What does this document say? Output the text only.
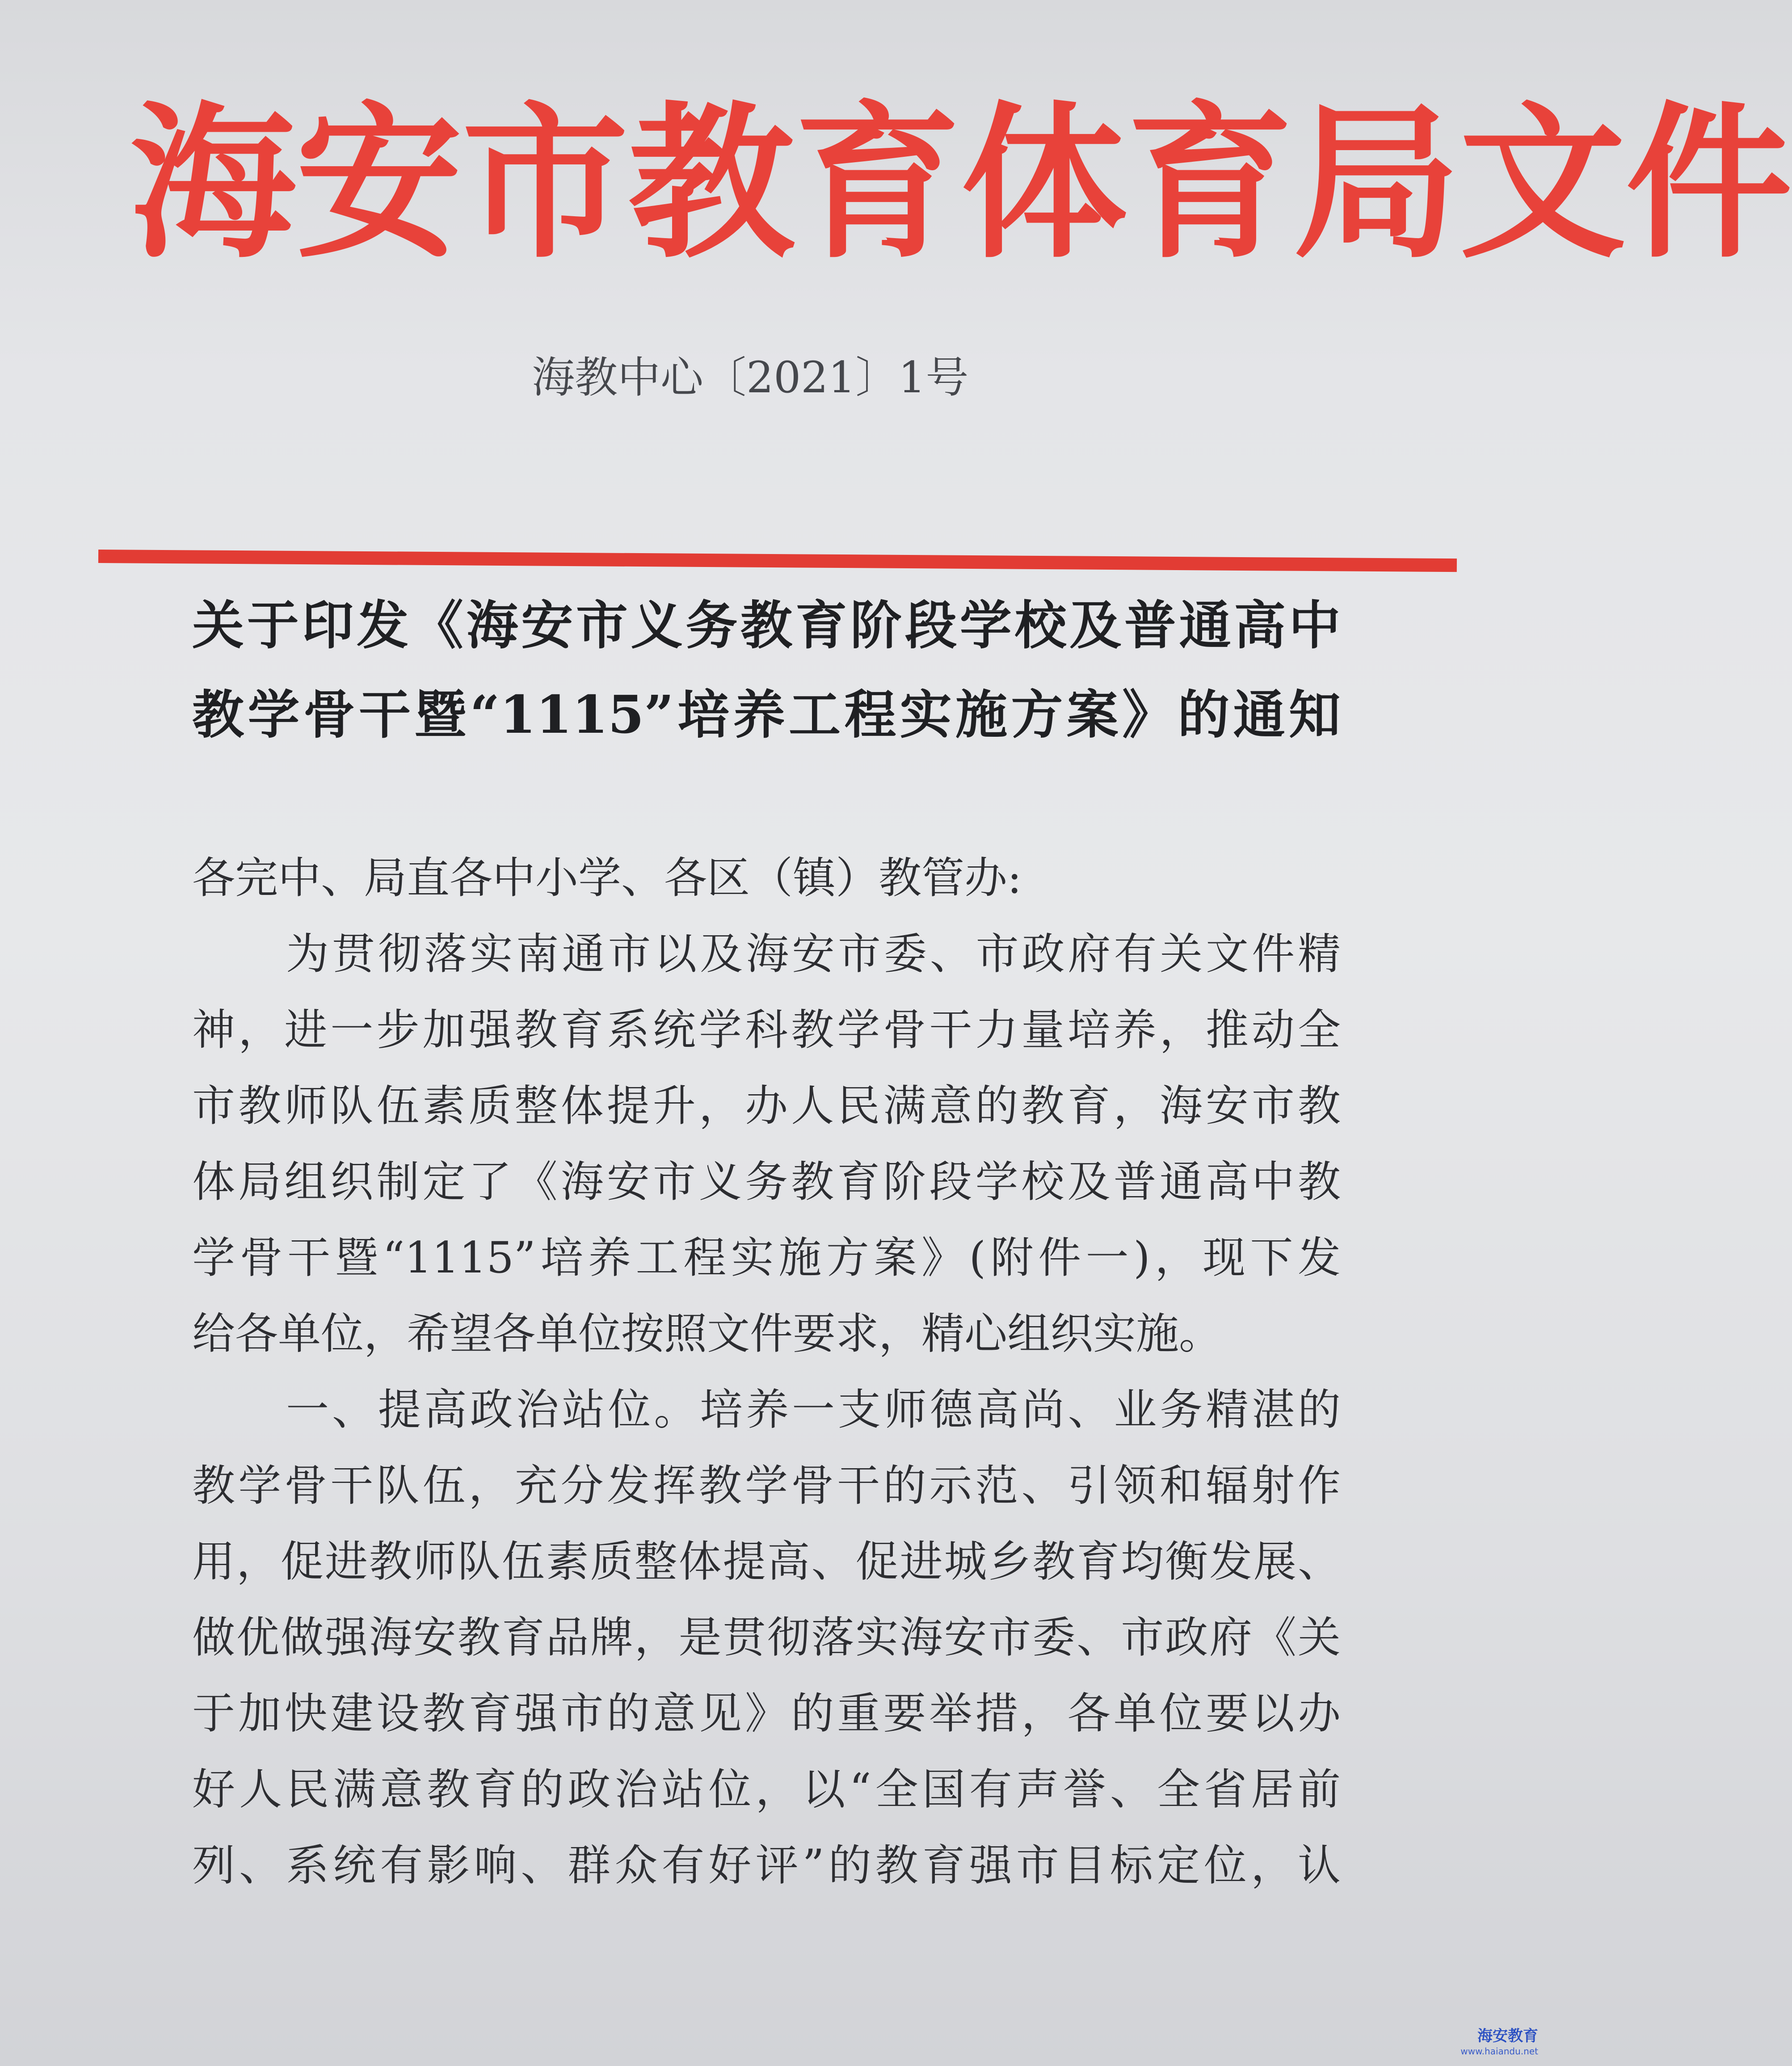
海安市教育体育局文件
海教中心〔2021〕1号
关于印发《海安市义务教育阶段学校及普通高中
教学骨干暨“1115”培养工程实施方案》的通知
各完中、局直各中小学、各区（镇）教管办:
为贯彻落实南通市以及海安市委、市政府有关文件精
神，进一步加强教育系统学科教学骨干力量培养，推动全
市教师队伍素质整体提升，办人民满意的教育，海安市教
体局组织制定了《海安市义务教育阶段学校及普通高中教
学骨干暨“1115”培养工程实施方案》(附件一)，现下发
给各单位，希望各单位按照文件要求，精心组织实施。
一、提高政治站位。培养一支师德高尚、业务精湛的
教学骨干队伍，充分发挥教学骨干的示范、引领和辐射作
用，促进教师队伍素质整体提高、促进城乡教育均衡发展、
做优做强海安教育品牌，是贯彻落实海安市委、市政府《关
于加快建设教育强市的意见》的重要举措，各单位要以办
好人民满意教育的政治站位，以“全国有声誉、全省居前
列、系统有影响、群众有好评”的教育强市目标定位，认
海安教育
www.haiandu.net
